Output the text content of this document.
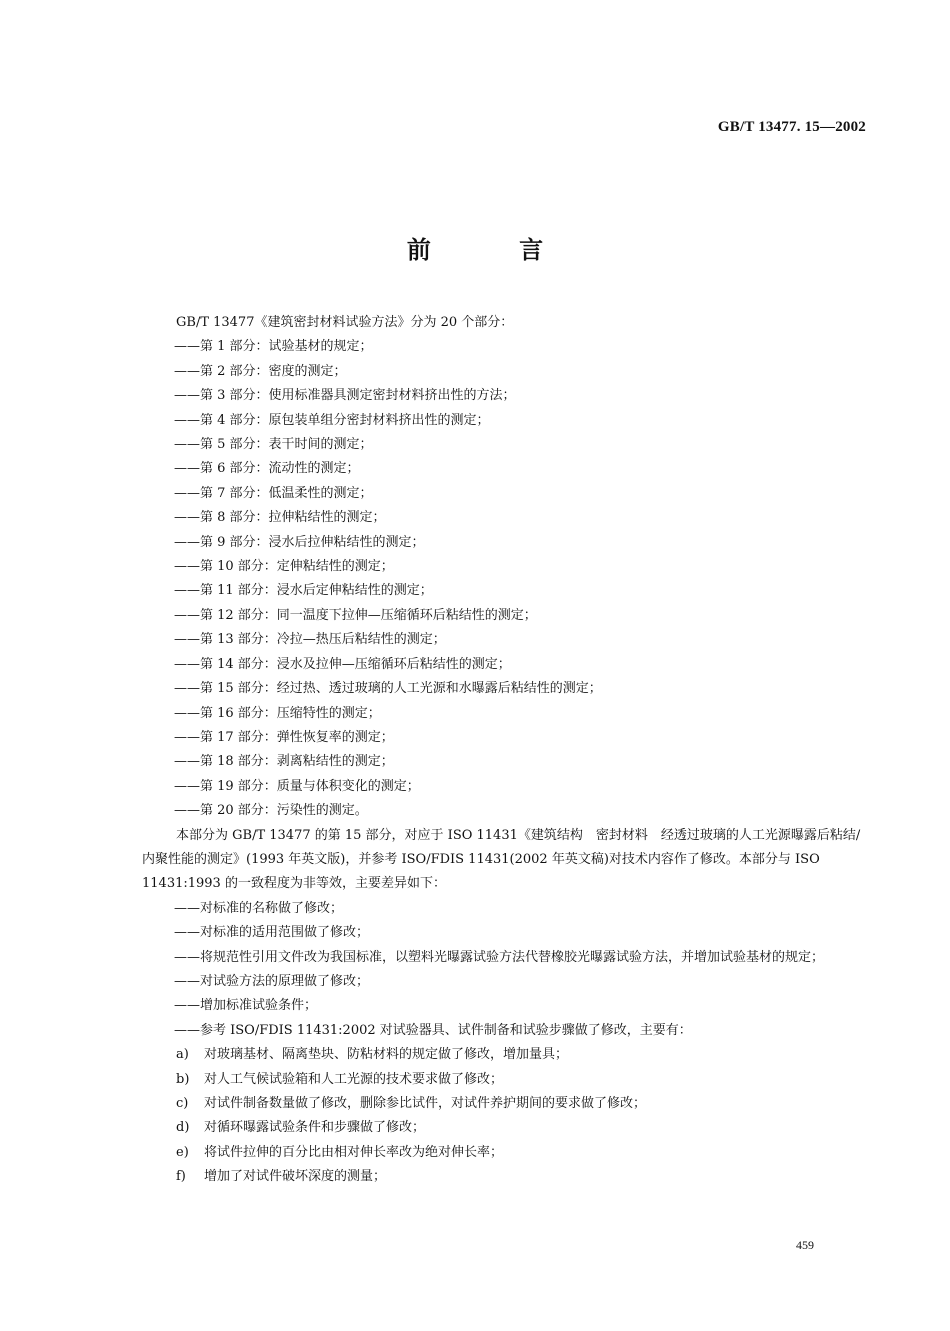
GB/T 13477. 15—2002
前 言

GB/T 13477《建筑密封材料试验方法》分为 20 个部分：

——第 1 部分：试验基材的规定；

——第 2 部分：密度的测定；

——第 3 部分：使用标准器具测定密封材料挤出性的方法；

——第 4 部分：原包装单组分密封材料挤出性的测定；

——第 5 部分：表干时间的测定；

——第 6 部分：流动性的测定；

——第 7 部分：低温柔性的测定；

——第 8 部分：拉伸粘结性的测定；

——第 9 部分：浸水后拉伸粘结性的测定；

——第 10 部分：定伸粘结性的测定；

——第 11 部分：浸水后定伸粘结性的测定；

——第 12 部分：同一温度下拉伸—压缩循环后粘结性的测定；

——第 13 部分：冷拉—热压后粘结性的测定；

——第 14 部分：浸水及拉伸—压缩循环后粘结性的测定；

——第 15 部分：经过热、透过玻璃的人工光源和水曝露后粘结性的测定；

——第 16 部分：压缩特性的测定；

——第 17 部分：弹性恢复率的测定；

——第 18 部分：剥离粘结性的测定；

——第 19 部分：质量与体积变化的测定；

——第 20 部分：污染性的测定。

本部分为 GB/T 13477 的第 15 部分，对应于 ISO 11431《建筑结构　密封材料　经透过玻璃的人工光源曝露后粘结/内聚性能的测定》(1993 年英文版)，并参考 ISO/FDIS 11431(2002 年英文稿)对技术内容作了修改。本部分与 ISO 11431:1993 的一致程度为非等效，主要差异如下：

——对标准的名称做了修改；

——对标准的适用范围做了修改；

——将规范性引用文件改为我国标准，以塑料光曝露试验方法代替橡胶光曝露试验方法，并增加试验基材的规定；

——对试验方法的原理做了修改；

——增加标准试验条件；

——参考 ISO/FDIS 11431:2002 对试验器具、试件制备和试验步骤做了修改，主要有：

a) 对玻璃基材、隔离垫块、防粘材料的规定做了修改，增加量具；

b) 对人工气候试验箱和人工光源的技术要求做了修改；

c) 对试件制备数量做了修改，删除参比试件，对试件养护期间的要求做了修改；

d) 对循环曝露试验条件和步骤做了修改；

e) 将试件拉伸的百分比由相对伸长率改为绝对伸长率；

f) 增加了对试件破坏深度的测量；

459
